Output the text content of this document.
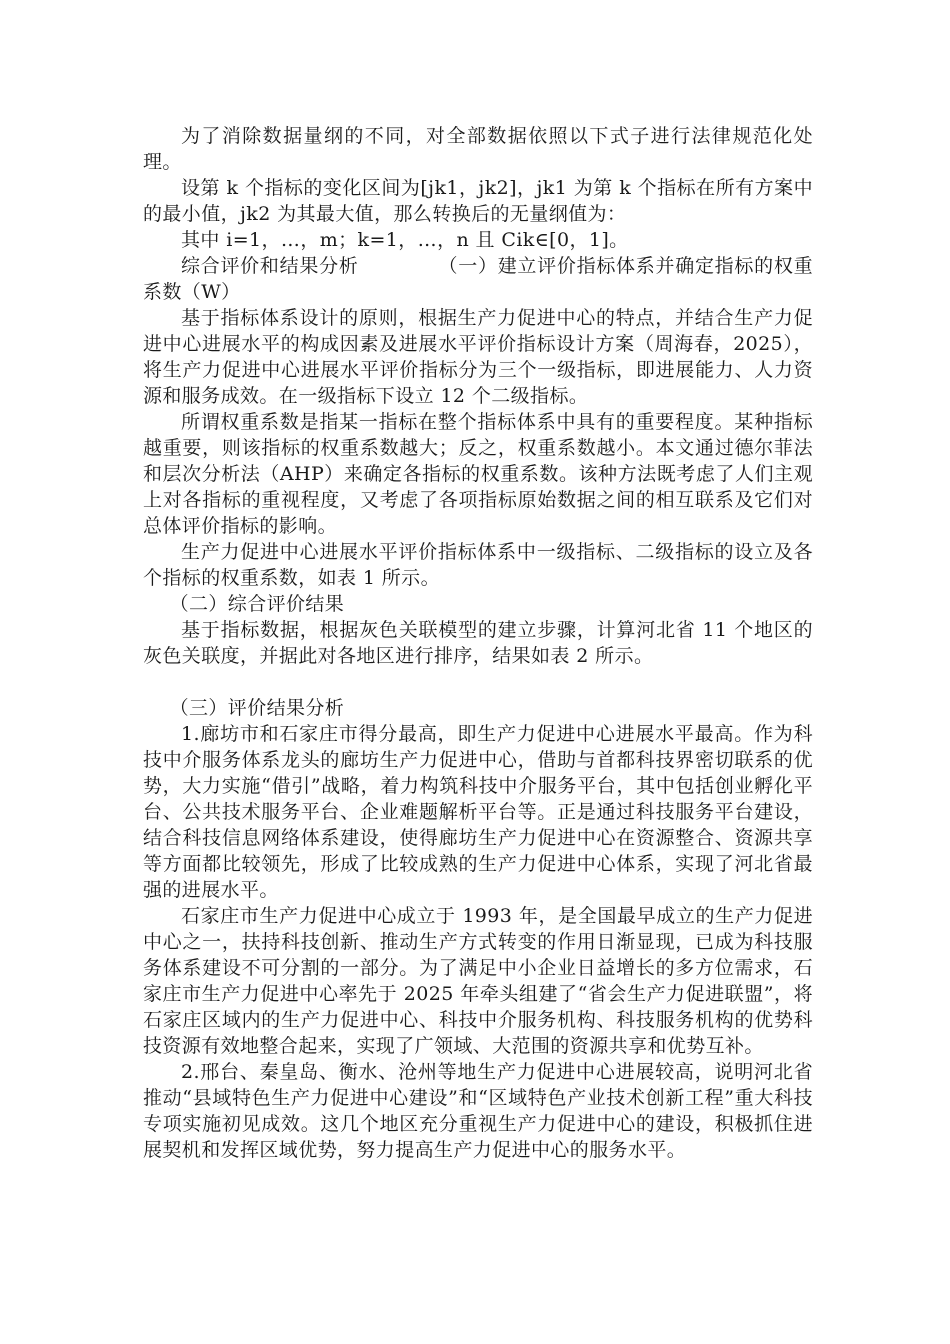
为了消除数据量纲的不同，对全部数据依照以下式子进行法律规范化处理。

设第 k 个指标的变化区间为[jk1，jk2]，jk1 为第 k 个指标在所有方案中的最小值，jk2 为其最大值，那么转换后的无量纲值为：

其中 i=1，…，m；k=1，…，n 且 Cik∈[0，1]。

综合评价和结果分析	（一）建立评价指标体系并确定指标的权重系数（W）

基于指标体系设计的原则，根据生产力促进中心的特点，并结合生产力促进中心进展水平的构成因素及进展水平评价指标设计方案（周海春，2025），将生产力促进中心进展水平评价指标分为三个一级指标，即进展能力、人力资源和服务成效。在一级指标下设立 12 个二级指标。

所谓权重系数是指某一指标在整个指标体系中具有的重要程度。某种指标越重要，则该指标的权重系数越大；反之，权重系数越小。本文通过德尔菲法和层次分析法（AHP）来确定各指标的权重系数。该种方法既考虑了人们主观上对各指标的重视程度，又考虑了各项指标原始数据之间的相互联系及它们对总体评价指标的影响。

生产力促进中心进展水平评价指标体系中一级指标、二级指标的设立及各个指标的权重系数，如表 1 所示。

（二）综合评价结果

基于指标数据，根据灰色关联模型的建立步骤，计算河北省 11 个地区的灰色关联度，并据此对各地区进行排序，结果如表 2 所示。

（三）评价结果分析

1.廊坊市和石家庄市得分最高，即生产力促进中心进展水平最高。作为科技中介服务体系龙头的廊坊生产力促进中心，借助与首都科技界密切联系的优势，大力实施“借引”战略，着力构筑科技中介服务平台，其中包括创业孵化平台、公共技术服务平台、企业难题解析平台等。正是通过科技服务平台建设，结合科技信息网络体系建设，使得廊坊生产力促进中心在资源整合、资源共享等方面都比较领先，形成了比较成熟的生产力促进中心体系，实现了河北省最强的进展水平。

石家庄市生产力促进中心成立于 1993 年，是全国最早成立的生产力促进中心之一，扶持科技创新、推动生产方式转变的作用日渐显现，已成为科技服务体系建设不可分割的一部分。为了满足中小企业日益增长的多方位需求，石家庄市生产力促进中心率先于 2025 年牵头组建了“省会生产力促进联盟”，将石家庄区域内的生产力促进中心、科技中介服务机构、科技服务机构的优势科技资源有效地整合起来，实现了广领域、大范围的资源共享和优势互补。

2.邢台、秦皇岛、衡水、沧州等地生产力促进中心进展较高，说明河北省推动“县域特色生产力促进中心建设”和“区域特色产业技术创新工程”重大科技专项实施初见成效。这几个地区充分重视生产力促进中心的建设，积极抓住进展契机和发挥区域优势，努力提高生产力促进中心的服务水平。
